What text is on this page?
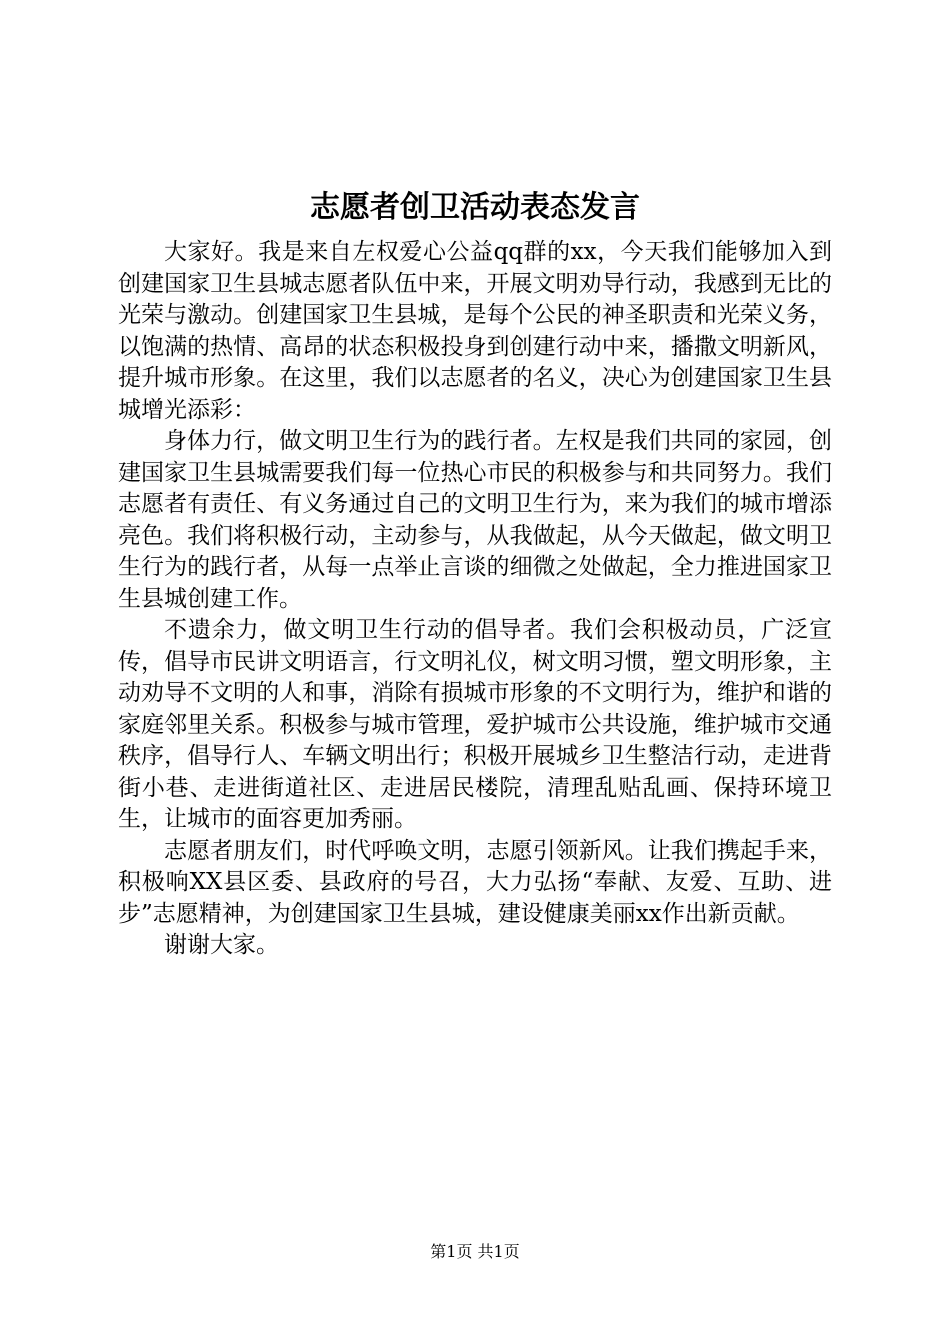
志愿者创卫活动表态发言

大家好。我是来自左权爱心公益qq群的xx，今天我们能够加入到创建国家卫生县城志愿者队伍中来，开展文明劝导行动，我感到无比的光荣与激动。创建国家卫生县城，是每个公民的神圣职责和光荣义务，以饱满的热情、高昂的状态积极投身到创建行动中来，播撒文明新风，提升城市形象。在这里，我们以志愿者的名义，决心为创建国家卫生县城增光添彩：

身体力行，做文明卫生行为的践行者。左权是我们共同的家园，创建国家卫生县城需要我们每一位热心市民的积极参与和共同努力。我们志愿者有责任、有义务通过自己的文明卫生行为，来为我们的城市增添亮色。我们将积极行动，主动参与，从我做起，从今天做起，做文明卫生行为的践行者，从每一点举止言谈的细微之处做起，全力推进国家卫生县城创建工作。

不遗余力，做文明卫生行动的倡导者。我们会积极动员，广泛宣传，倡导市民讲文明语言，行文明礼仪，树文明习惯，塑文明形象，主动劝导不文明的人和事，消除有损城市形象的不文明行为，维护和谐的家庭邻里关系。积极参与城市管理，爱护城市公共设施，维护城市交通秩序，倡导行人、车辆文明出行；积极开展城乡卫生整洁行动，走进背街小巷、走进街道社区、走进居民楼院，清理乱贴乱画、保持环境卫生，让城市的面容更加秀丽。

志愿者朋友们，时代呼唤文明，志愿引领新风。让我们携起手来，积极响XX县区委、县政府的号召，大力弘扬“奉献、友爱、互助、进步”志愿精神，为创建国家卫生县城，建设健康美丽xx作出新贡献。

谢谢大家。

第1页 共1页
